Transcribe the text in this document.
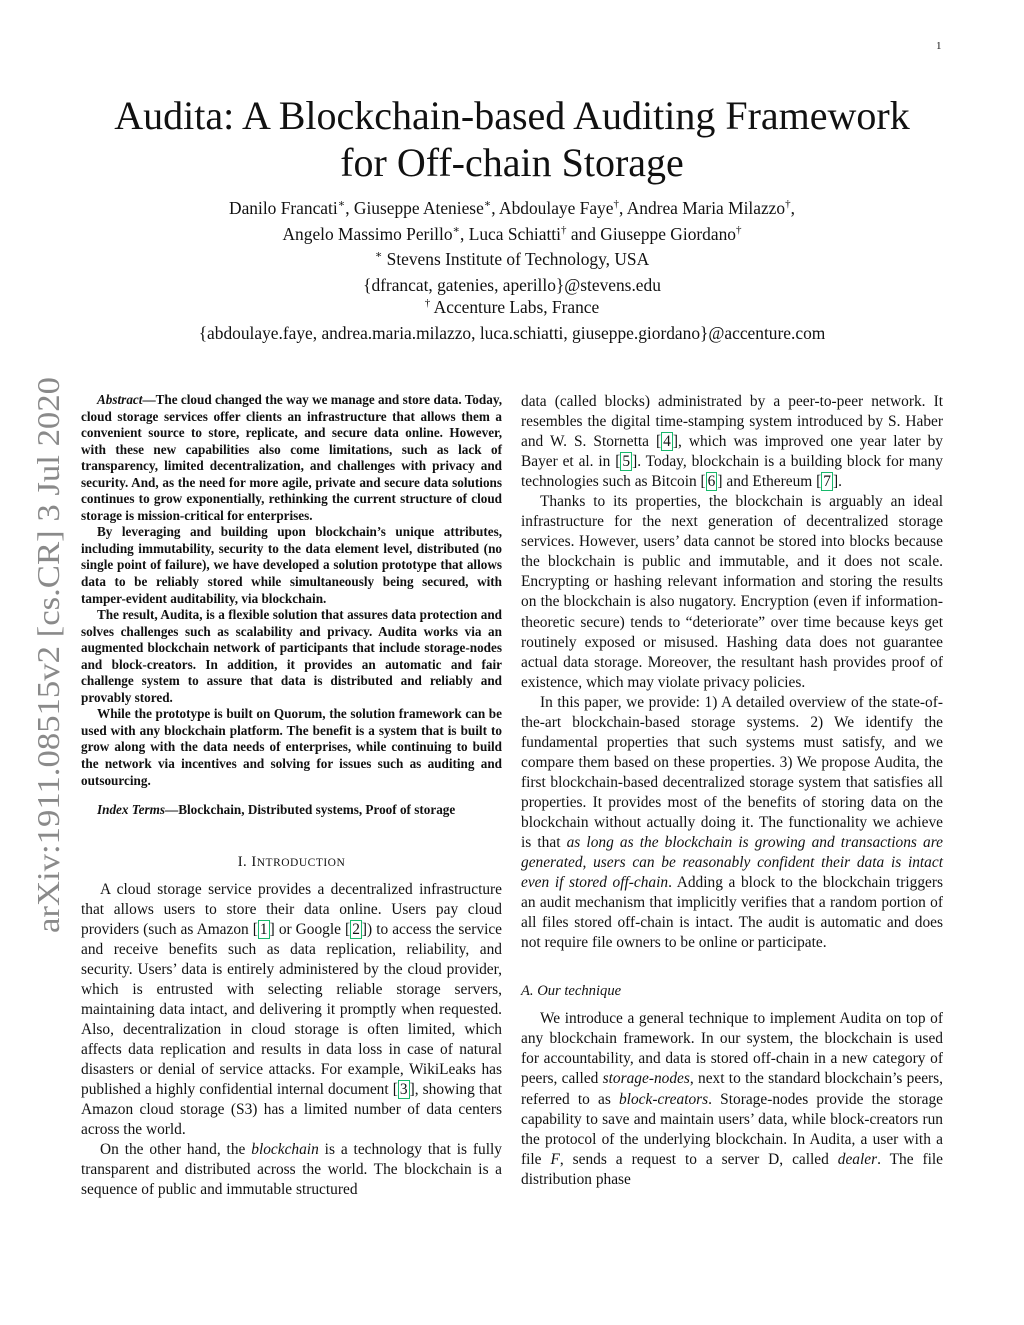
1
arXiv:1911.08515v2 [cs.CR] 3 Jul 2020
Audita: A Blockchain-based Auditing Framework
for Off-chain Storage
Danilo Francati∗, Giuseppe Ateniese∗, Abdoulaye Faye†, Andrea Maria Milazzo†,
Angelo Massimo Perillo∗, Luca Schiatti† and Giuseppe Giordano†
∗ Stevens Institute of Technology, USA
{dfrancat, gatenies, aperillo}@stevens.edu
† Accenture Labs, France
{abdoulaye.faye, andrea.maria.milazzo, luca.schiatti, giuseppe.giordano}@accenture.com

Abstract—The cloud changed the way we manage and store data. Today, cloud storage services offer clients an infrastructure that allows them a convenient source to store, replicate, and secure data online. However, with these new capabilities also come limitations, such as lack of transparency, limited decentralization, and challenges with privacy and security. And, as the need for more agile, private and secure data solutions continues to grow exponentially, rethinking the current structure of cloud storage is mission-critical for enterprises.

By leveraging and building upon blockchain’s unique attributes, including immutability, security to the data element level, distributed (no single point of failure), we have developed a solution prototype that allows data to be reliably stored while simultaneously being secured, with tamper-evident auditability, via blockchain.

The result, Audita, is a flexible solution that assures data protection and solves challenges such as scalability and privacy. Audita works via an augmented blockchain network of participants that include storage-nodes and block-creators. In addition, it provides an automatic and fair challenge system to assure that data is distributed and reliably and provably stored.

While the prototype is built on Quorum, the solution framework can be used with any blockchain platform. The benefit is a system that is built to grow along with the data needs of enterprises, while continuing to build the network via incentives and solving for issues such as auditing and outsourcing.

Index Terms—Blockchain, Distributed systems, Proof of storage

I. INTRODUCTION

A cloud storage service provides a decentralized infrastructure that allows users to store their data online. Users pay cloud providers (such as Amazon [ 1 ] or Google [ 2 ]) to access the service and receive benefits such as data replication, reliability, and security. Users’ data is entirely administered by the cloud provider, which is entrusted with selecting reliable storage servers, maintaining data intact, and delivering it promptly when requested. Also, decentralization in cloud storage is often limited, which affects data replication and results in data loss in case of natural disasters or denial of service attacks. For example, WikiLeaks has published a highly confidential internal document [ 3 ], showing that Amazon cloud storage (S3) has a limited number of data centers across the world.

On the other hand, the blockchain is a technology that is fully transparent and distributed across the world. The blockchain is a sequence of public and immutable structured

data (called blocks) administrated by a peer-to-peer network. It resembles the digital time-stamping system introduced by S. Haber and W. S. Stornetta [ 4 ], which was improved one year later by Bayer et al. in [ 5 ]. Today, blockchain is a building block for many technologies such as Bitcoin [ 6 ] and Ethereum [ 7 ].

Thanks to its properties, the blockchain is arguably an ideal infrastructure for the next generation of decentralized storage services. However, users’ data cannot be stored into blocks because the blockchain is public and immutable, and it does not scale. Encrypting or hashing relevant information and storing the results on the blockchain is also nugatory. Encryption (even if information-theoretic secure) tends to “deteriorate” over time because keys get routinely exposed or misused. Hashing data does not guarantee actual data storage. Moreover, the resultant hash provides proof of existence, which may violate privacy policies.

In this paper, we provide: 1) A detailed overview of the state-of-the-art blockchain-based storage systems. 2) We identify the fundamental properties that such systems must satisfy, and we compare them based on these properties. 3) We propose Audita, the first blockchain-based decentralized storage system that satisfies all properties. It provides most of the benefits of storing data on the blockchain without actually doing it. The functionality we achieve is that as long as the blockchain is growing and transactions are generated, users can be reasonably confident their data is intact even if stored off-chain. Adding a block to the blockchain triggers an audit mechanism that implicitly verifies that a random portion of all files stored off-chain is intact. The audit is automatic and does not require file owners to be online or participate.

A. Our technique

We introduce a general technique to implement Audita on top of any blockchain framework. In our system, the blockchain is used for accountability, and data is stored off-chain in a new category of peers, called storage-nodes, next to the standard blockchain’s peers, referred to as block-creators. Storage-nodes provide the storage capability to save and maintain users’ data, while block-creators run the protocol of the underlying blockchain. In Audita, a user with a file F, sends a request to a server D, called dealer. The file distribution phase
